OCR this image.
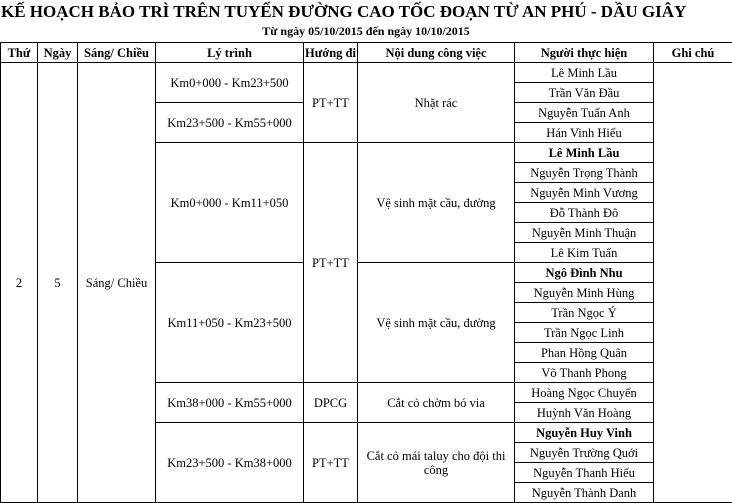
KẾ HOẠCH BẢO TRÌ TRÊN TUYẾN ĐƯỜNG CAO TỐC ĐOẠN TỪ AN PHÚ - DẦU GIÂY
Từ ngày 05/10/2015 đến ngày 10/10/2015
Thứ	Ngày	Sáng/ Chiều	Lý trình	Hướng đi	Nội dung công việc	Người thực hiện	Ghi chú
2	5	Sáng/ Chiều	Km0+000 - Km23+500	PT+TT	Nhặt rác	Lê Minh Lầu	
						Trần Văn Đầu	
			Km23+500 - Km55+000			Nguyễn Tuấn Anh	
						Hán Vinh Hiếu	
			Km0+000 - Km11+050	PT+TT	Vệ sinh mặt cầu, đường	Lê Minh Lầu	
						Nguyễn Trọng Thành	
						Nguyễn Minh Vương	
						Đỗ Thành Đô	
						Nguyễn Minh Thuận	
						Lê Kim Tuấn	
			Km11+050 - Km23+500		Vệ sinh mặt cầu, đường	Ngô Đình Nhu	
						Nguyễn Minh Hùng	
						Trần Ngọc Ý	
						Trần Ngọc Linh	
						Phan Hồng Quân	
						Võ Thanh Phong	
			Km38+000 - Km55+000	DPCG	Cắt cỏ chờm bó via	Hoàng Ngọc Chuyển	
						Huỳnh Văn Hoàng	
			Km23+500 - Km38+000	PT+TT	Cắt cỏ mái taluy cho đội thi công	Nguyễn Huy Vinh	
						Nguyễn Trường Quới	
						Nguyễn Thanh Hiếu	
						Nguyễn Thành Danh	
